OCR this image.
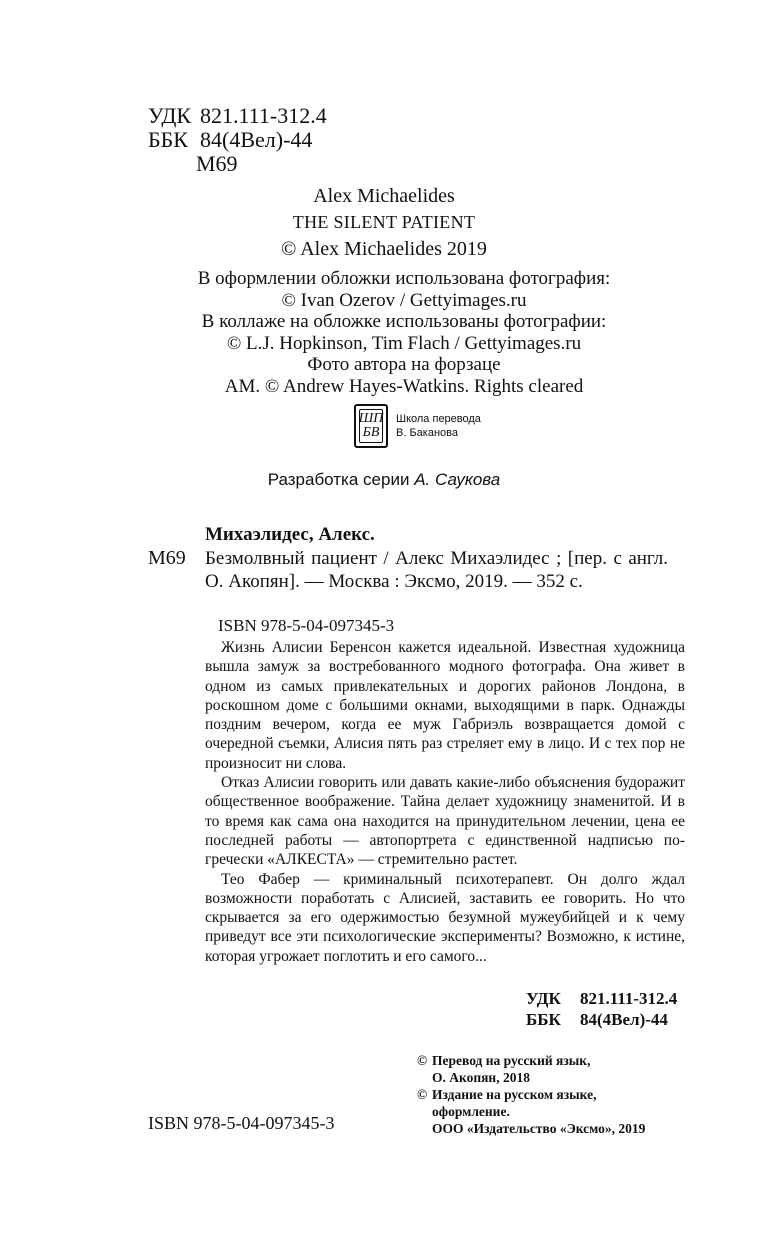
УДК 821.111-312.4
ББК 84(4Вел)-44
М69
Alex Michaelides
THE SILENT PATIENT
© Alex Michaelides 2019
В оформлении обложки использована фотография:
© Ivan Ozerov / Gettyimages.ru
В коллаже на обложке использованы фотографии:
© L.J. Hopkinson, Tim Flach / Gettyimages.ru
Фото автора на форзаце
AM. © Andrew Hayes-Watkins. Rights cleared
ШП
БВ
Школа перевода
В. Баканова
Разработка серии А. Саукова
Михаэлидес, Алекс.
М69 Безмолвный пациент / Алекс Михаэлидес ; [пер. с англ. О. Акопян]. — Москва : Эксмо, 2019. — 352 с.
ISBN 978-5-04-097345-3

Жизнь Алисии Беренсон кажется идеальной. Известная художница вышла замуж за востребованного модного фотографа. Она живет в одном из самых привлекательных и дорогих районов Лондона, в роскошном доме с большими окнами, выходящими в парк. Однажды поздним вечером, когда ее муж Габриэль возвращается домой с очередной съемки, Алисия пять раз стреляет ему в лицо. И с тех пор не произносит ни слова.

Отказ Алисии говорить или давать какие-либо объяснения будоражит общественное воображение. Тайна делает художницу знаменитой. И в то время как сама она находится на принудительном лечении, цена ее последней работы — автопортрета с единственной надписью по-гречески «АЛКЕСТА» — стремительно растет.

Тео Фабер — криминальный психотерапевт. Он долго ждал возможности поработать с Алисией, заставить ее говорить. Но что скрывается за его одержимостью безумной мужеубийцей и к чему приведут все эти психологические эксперименты? Возможно, к истине, которая угрожает поглотить и его самого...

УДК	821.111-312.4
ББК	84(4Вел)-44
© Перевод на русский язык,
О. Акопян, 2018
© Издание на русском языке,
оформление.
ООО «Издательство «Эксмо», 2019
ISBN 978-5-04-097345-3
